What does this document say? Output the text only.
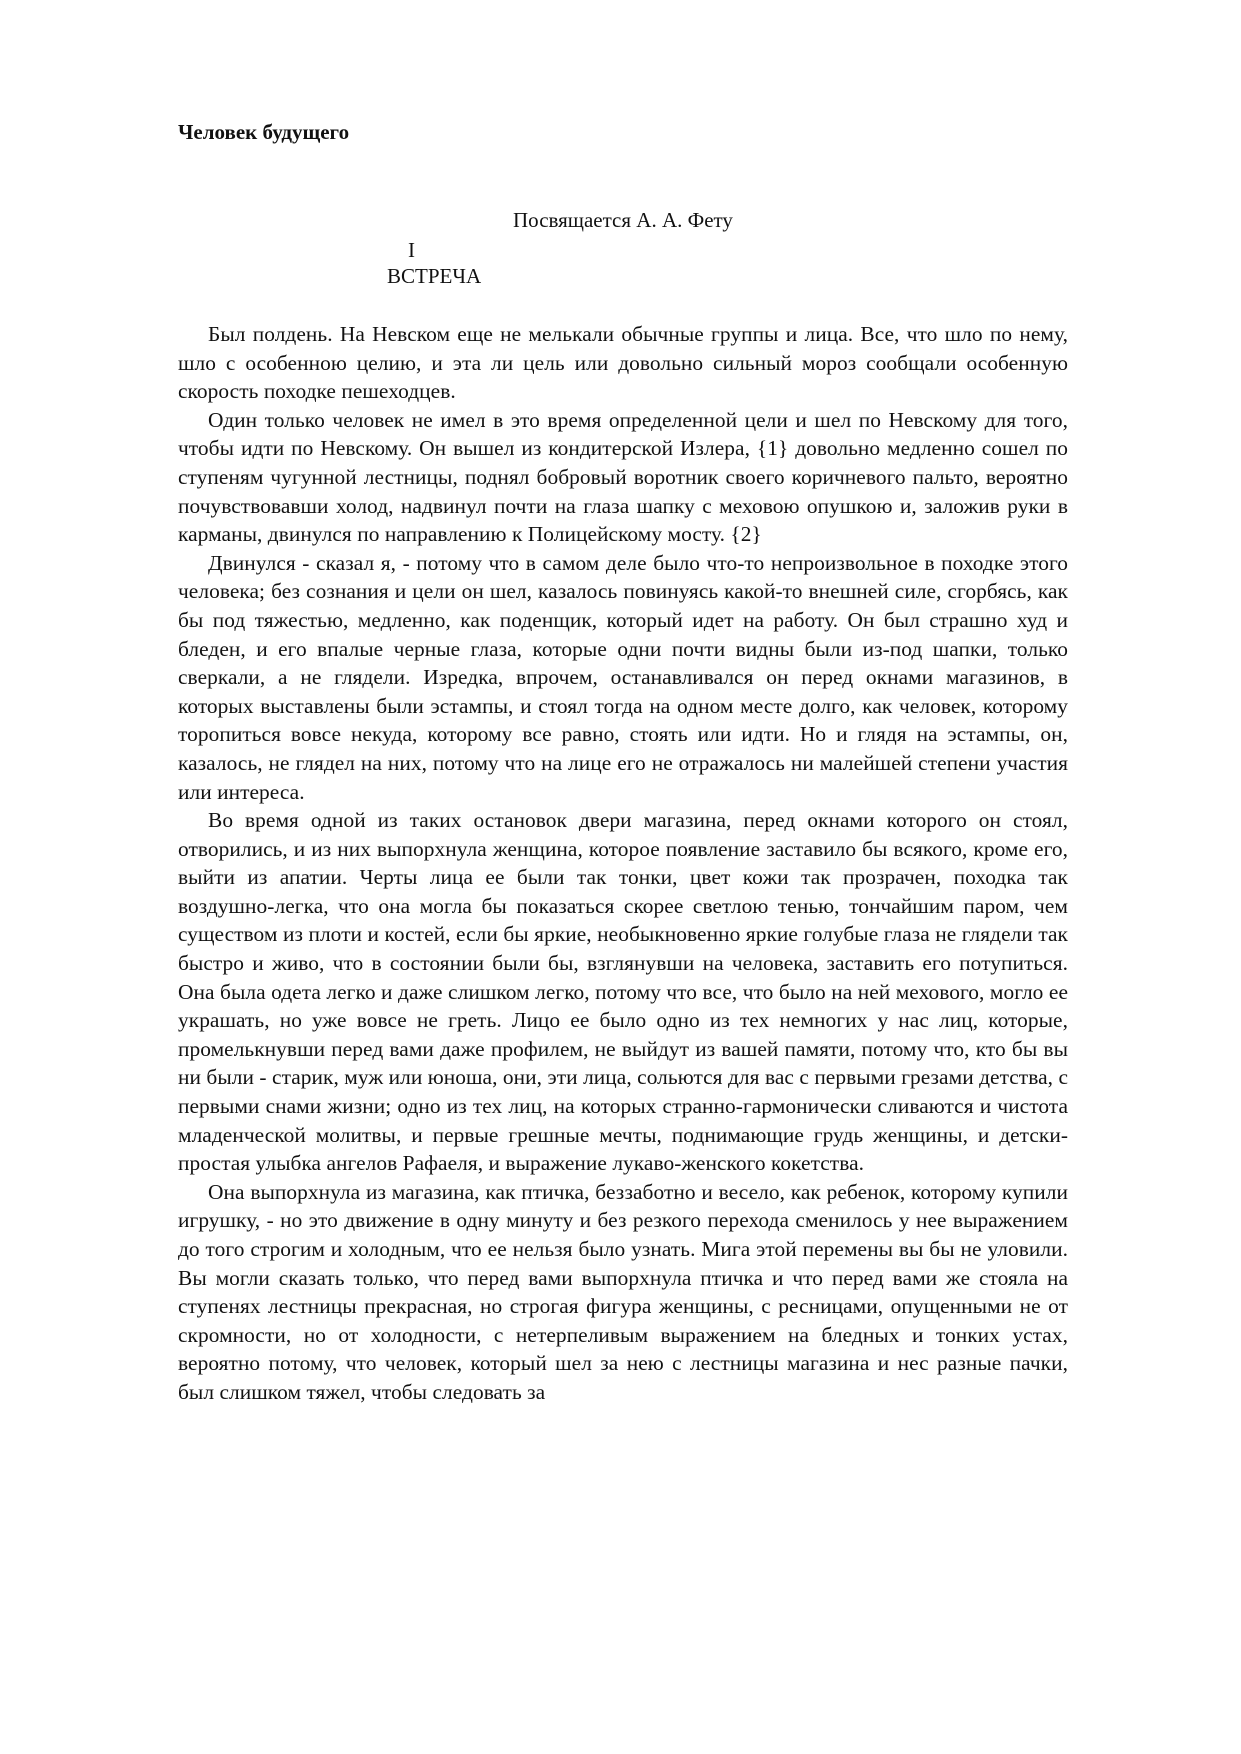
Человек будущего

Посвящается А. А. Фету

I

ВСТРЕЧА

Был полдень. На Невском еще не мелькали обычные группы и лица. Все, что шло по нему, шло с особенною целию, и эта ли цель или довольно сильный мороз сообщали особенную скорость походке пешеходцев.

Один только человек не имел в это время определенной цели и шел по Невскому для того, чтобы идти по Невскому. Он вышел из кондитерской Излера, {1} довольно медленно сошел по ступеням чугунной лестницы, поднял бобровый воротник своего коричневого пальто, вероятно почувствовавши холод, надвинул почти на глаза шапку с меховою опушкою и, заложив руки в карманы, двинулся по направлению к Полицейскому мосту. {2}

Двинулся - сказал я, - потому что в самом деле было что-то непроизвольное в походке этого человека; без сознания и цели он шел, казалось повинуясь какой-то внешней силе, сгорбясь, как бы под тяжестью, медленно, как поденщик, который идет на работу. Он был страшно худ и бледен, и его впалые черные глаза, которые одни почти видны были из-под шапки, только сверкали, а не глядели. Изредка, впрочем, останавливался он перед окнами магазинов, в которых выставлены были эстампы, и стоял тогда на одном месте долго, как человек, которому торопиться вовсе некуда, которому все равно, стоять или идти. Но и глядя на эстампы, он, казалось, не глядел на них, потому что на лице его не отражалось ни малейшей степени участия или интереса.

Во время одной из таких остановок двери магазина, перед окнами которого он стоял, отворились, и из них выпорхнула женщина, которое появление заставило бы всякого, кроме его, выйти из апатии. Черты лица ее были так тонки, цвет кожи так прозрачен, походка так воздушно-легка, что она могла бы показаться скорее светлою тенью, тончайшим паром, чем существом из плоти и костей, если бы яркие, необыкновенно яркие голубые глаза не глядели так быстро и живо, что в состоянии были бы, взглянувши на человека, заставить его потупиться. Она была одета легко и даже слишком легко, потому что все, что было на ней мехового, могло ее украшать, но уже вовсе не греть. Лицо ее было одно из тех немногих у нас лиц, которые, промелькнувши перед вами даже профилем, не выйдут из вашей памяти, потому что, кто бы вы ни были - старик, муж или юноша, они, эти лица, сольются для вас с первыми грезами детства, с первыми снами жизни; одно из тех лиц, на которых странно-гармонически сливаются и чистота младенческой молитвы, и первые грешные мечты, поднимающие грудь женщины, и детски-простая улыбка ангелов Рафаеля, и выражение лукаво-женского кокетства.

Она выпорхнула из магазина, как птичка, беззаботно и весело, как ребенок, которому купили игрушку, - но это движение в одну минуту и без резкого перехода сменилось у нее выражением до того строгим и холодным, что ее нельзя было узнать. Мига этой перемены вы бы не уловили. Вы могли сказать только, что перед вами выпорхнула птичка и что перед вами же стояла на ступенях лестницы прекрасная, но строгая фигура женщины, с ресницами, опущенными не от скромности, но от холодности, с нетерпеливым выражением на бледных и тонких устах, вероятно потому, что человек, который шел за нею с лестницы магазина и нес разные пачки, был слишком тяжел, чтобы следовать за
